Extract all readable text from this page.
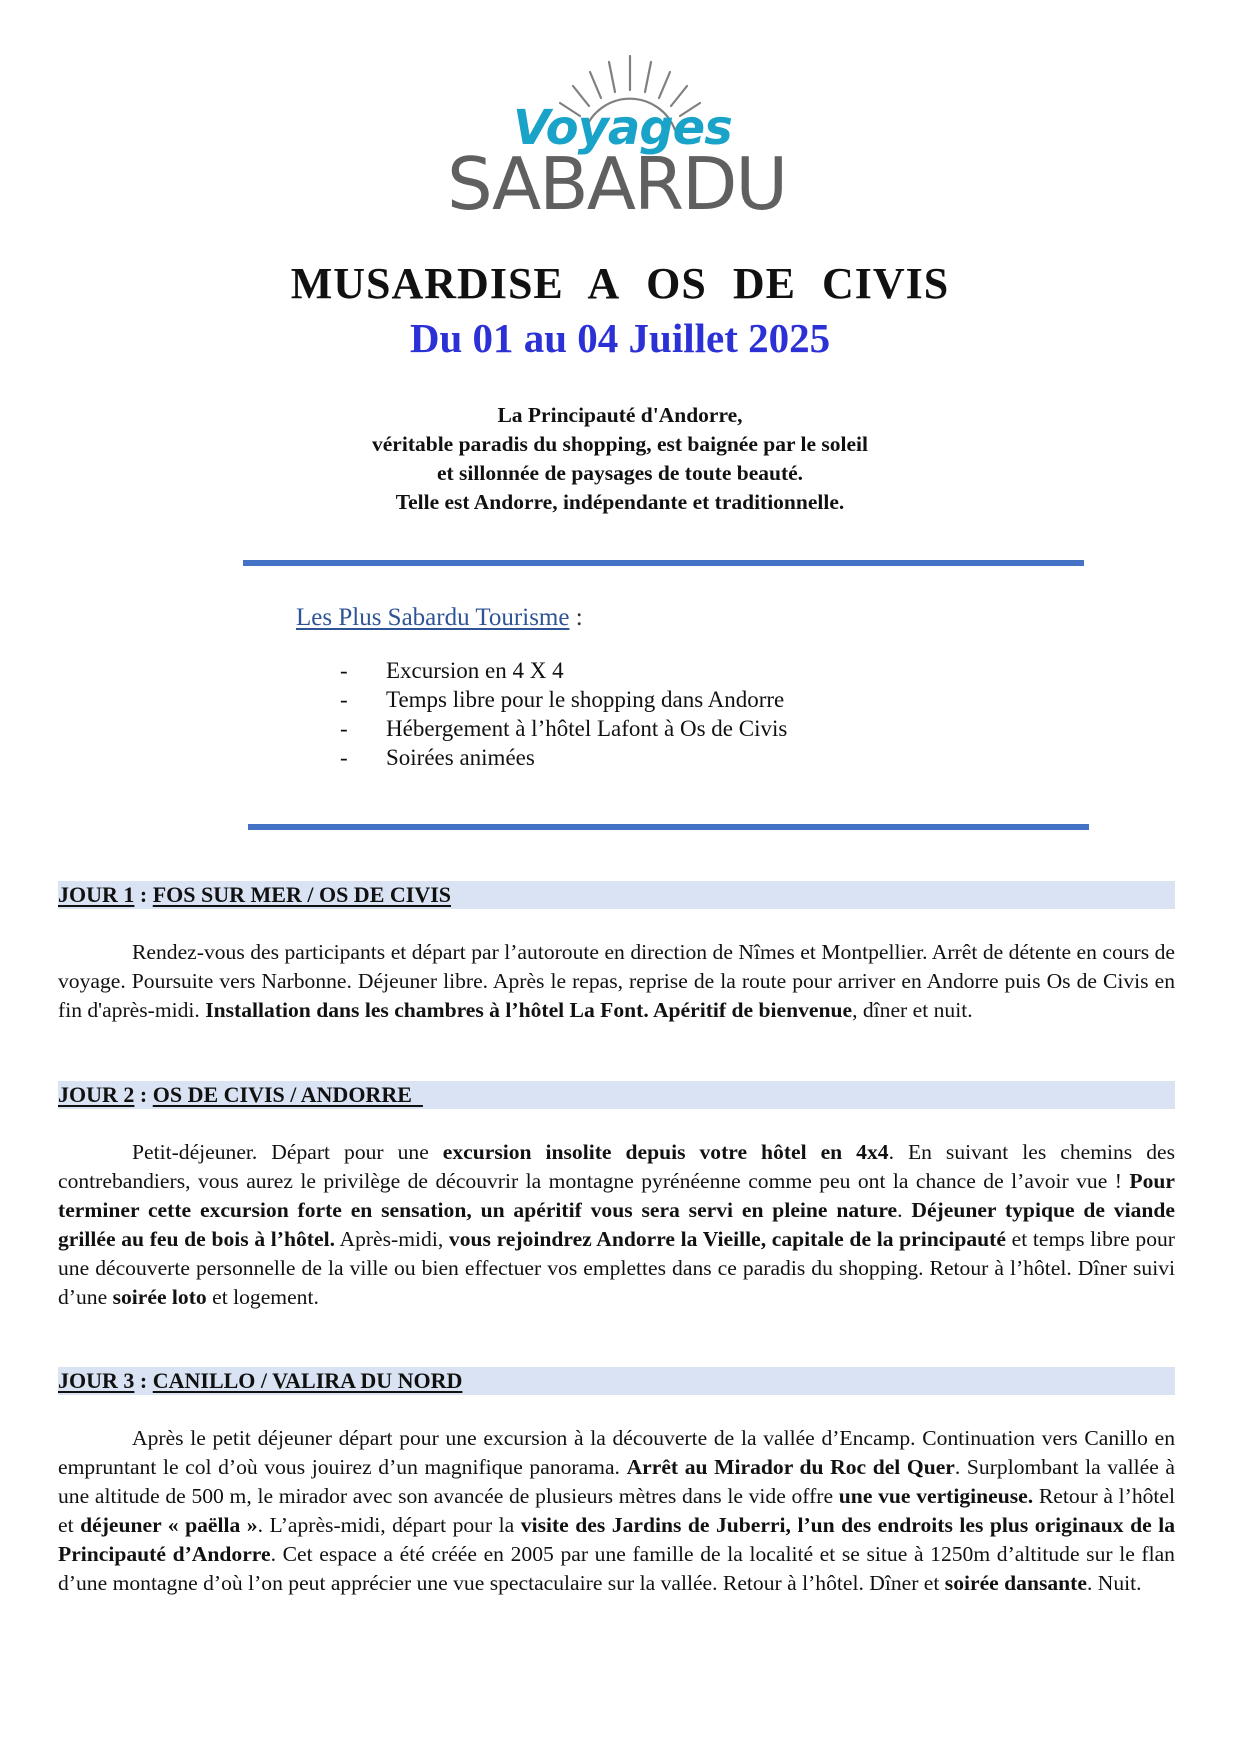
Voyages
SABARDU
MUSARDISE A OS DE CIVIS
Du 01 au 04 Juillet 2025
La Principauté d'Andorre,
véritable paradis du shopping, est baignée par le soleil
et sillonnée de paysages de toute beauté.
Telle est Andorre, indépendante et traditionnelle.
Les Plus Sabardu Tourisme :
- Excursion en 4 X 4
- Temps libre pour le shopping dans Andorre
- Hébergement à l’hôtel Lafont à Os de Civis
- Soirées animées
JOUR 1 : FOS SUR MER / OS DE CIVIS

Rendez-vous des participants et départ par l’autoroute en direction de Nîmes et Montpellier. Arrêt de détente en cours de voyage. Poursuite vers Narbonne. Déjeuner libre. Après le repas, reprise de la route pour arriver en Andorre puis Os de Civis en fin d'après-midi. Installation dans les chambres à l’hôtel La Font. Apéritif de bienvenue, dîner et nuit.

JOUR 2 : OS DE CIVIS / ANDORRE

Petit-déjeuner. Départ pour une excursion insolite depuis votre hôtel en 4x4. En suivant les chemins des contrebandiers, vous aurez le privilège de découvrir la montagne pyrénéenne comme peu ont la chance de l’avoir vue ! Pour terminer cette excursion forte en sensation, un apéritif vous sera servi en pleine nature. Déjeuner typique de viande grillée au feu de bois à l’hôtel. Après-midi, vous rejoindrez Andorre la Vieille, capitale de la principauté et temps libre pour une découverte personnelle de la ville ou bien effectuer vos emplettes dans ce paradis du shopping. Retour à l’hôtel. Dîner suivi d’une soirée loto et logement.

JOUR 3 : CANILLO / VALIRA DU NORD

Après le petit déjeuner départ pour une excursion à la découverte de la vallée d’Encamp. Continuation vers Canillo en empruntant le col d’où vous jouirez d’un magnifique panorama. Arrêt au Mirador du Roc del Quer. Surplombant la vallée à une altitude de 500 m, le mirador avec son avancée de plusieurs mètres dans le vide offre une vue vertigineuse. Retour à l’hôtel et déjeuner « paëlla ». L’après-midi, départ pour la visite des Jardins de Juberri, l’un des endroits les plus originaux de la Principauté d’Andorre. Cet espace a été créée en 2005 par une famille de la localité et se situe à 1250m d’altitude sur le flan d’une montagne d’où l’on peut apprécier une vue spectaculaire sur la vallée. Retour à l’hôtel. Dîner et soirée dansante. Nuit.
